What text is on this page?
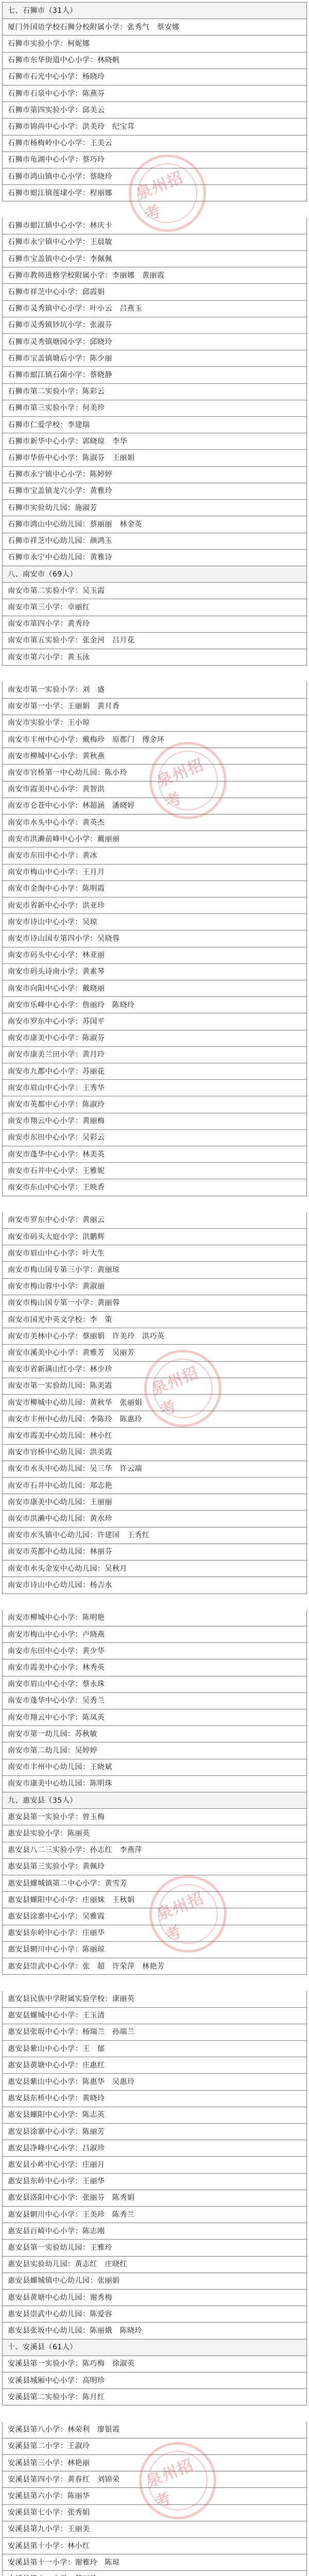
七、石狮市（31人）
厦门外国语学校石狮分校附属小学：张秀气　蔡安娜
石狮市实验小学：柯妮娜
石狮市东华街道中心小学：林晓帆
石狮市石光中心小学：杨晓玲
石狮市石泉中心小学：陈燕芬
石狮市第四实验小学：邱美云
石狮市锦尚中心小学：洪美玲　纪宝茸
石狮市杨梅岭中心小学：王美云
石狮市龟湖中心小学：蔡巧玲
石狮市鸿山镇中心小学：蔡晓玲
石狮市蚶江镇莲埭小学：程丽娜
石狮市蚶江镇中心小学：林庆卡
石狮市永宁镇中心小学：王晨敏
石狮市宝盖镇中心小学：李佩佩
石狮市教师进修学校附属小学：李丽娜　黄丽霞
石狮市祥芝中心小学：邱霞娟
石狮市灵秀镇中心小学：叶小云　吕燕玉
石狮市灵秀镇钞坑小学：张淑芬
石狮市灵秀镇塘园小学：邱晓玲
石狮市宝盖镇塘后小学：陈少丽
石狮市蚶江镇石菌小学：蔡晓静
石狮市第二实验小学：陈彩云
石狮市第三实验小学：何美珍
石狮市仁爱学校：李建瑞
石狮市新华中心小学：郭晓琼　李华
石狮市华侨中心小学：陈淑芬　王丽娟
石狮市永宁镇中心小学：陈婷婷
石狮市宝盖镇龙穴小学：黄雅玲
石狮市实验幼儿园：施淑芳
石狮市鸿山中心幼儿园：蔡丽丽　林金英
石狮市祥芝中心幼儿园：颜鸿玉
石狮市永宁中心幼儿园：黄雅诗
八、南安市（69人）
南安市第二实验小学：吴玉霞
南安市第三小学：卓丽红
南安市第四小学：黄秀玲
南安市第五实验小学：张金河　吕月花
南安市第六小学：黄玉泳
南安市第一实验小学：刘　盛
南安市第一小学：王丽娟　黄月香
南安市实验小学：王小琼
南安市丰州中心小学：戴梅珍　原都门　傅金环
南安市柳城中心小学：黄秋燕
南安市官桥第一中心幼儿园：陈小玲
南安市霞美中心小学：黄智洪
南安市仑苍中心小学：林超涵　潘晓婷
南安市水头中心小学：黄英杰
南安市洪濑前峰中心小学：戴丽丽
南安市东田中心小学：黄冰
南安市梅山中心小学：王月月
南安市金淘中心小学：陈明霞
南安市省新中心小学：洪亚珍
南安市诗山中心小学：吴琼
南安市诗山国专第四小学：吴晓蓉
南安市码头中心小学：林亚丽
南安市码头诗南小学：黄素琴
南安市向阳中心小学：戴晓丽
南安市乐峰中心小学：詹丽玲　陈晓玲
南安市罗东中心小学：苏国平
南安市康美中心小学：陈淑芬
南安市康美兰田小学：黄月玲
南安市九都中心小学：苏丽花
南安市眉山中心小学：王秀华
南安市英都中心小学：陈淑玲
南安市翔云中心小学：黄丽梅
南安市东田中心小学：吴彩云
南安市蓬华中心小学：林美英
南安市石井中心小学：王雅妮
南安市东山中心小学：王映香
南安市罗东中心小学：黄丽云
南安市码头大庭小学：洪鹏辉
南安市眉山中心小学：叶大生
南安市梅山国专第三小学：黄丽琼
南安市梅山蓉中小学：黄淑丽
南安市梅山国专第一小学：黄丽蓉
南安市国光中英文学校：李　策
南安市美林中心小学：蔡丽娟　许美玲　洪巧英
南安市溪美中心小学：黄雅芳　吴丽芳
南安市省新满山红小学：林少珍
南安市第一实验幼儿园：陈美霞
南安市柳城中心幼儿园：黄秋华　张丽娟
南安市丰州中心幼儿园：李陈玲　陈惠玲
南安市霞美中心幼儿园：林小红
南安市官桥中心幼儿园：洪美霞
南安市水头中心幼儿园：吴三华　许云端
南安市石井中心幼儿园：郑志艳
南安市康美中心幼儿园：王丽丽
南安市洪濑中心幼儿园：黄水珍
南安市水头镇中心幼儿园：许建国　王秀红
南安市英都中心幼儿园：林丽芬
南安市水头金安中心幼儿园：吴秋月
南安市诗山中心幼儿园：杨吉水
南安市柳城中心小学：陈明艳
南安市梅山中心小学：卢晓燕
南安市东田中心小学：黄少华
南安市霞美中心小学：林秀英
南安市眉山中心小学：蔡永珠
南安市蓬华中心小学：吴秀兰
南安市翔云中心小学：陈凤英
南安市第一幼儿园：苏秋敏
南安市第二幼儿园：吴婷婷
南安市丰州中心幼儿园：王晓斌
南安市康美中心幼儿园：陈明珠
九、惠安县（35人）
惠安县第一实验小学：曾玉梅
惠安县实验小学：陈丽英
惠安县八二三实验小学：孙志红　李燕萍
惠安县第三实验小学：黄佩玲
惠安县螺城镇第二中心小学：黄雪芳
惠安县螺阳中心小学：庄丽妹　王秋娟
惠安县涂寨中心小学：吴雅霞
惠安县东岭中心小学：庄丽华
惠安县辋川中心小学：陈丽琼
惠安县崇武中心小学：张　超　许荣萍　林艳芳
惠安县民族中学附属实验学校：康丽英
惠安县螺城中心小学：王玉清
惠安县张坂中心小学：杨瑞兰　孙端兰
惠安县紫山中心小学：王　郁
惠安县黄塘中心小学：庄惠红
惠安县紫山中心小学：陈惠华　吴惠玲
惠安县东桥中心小学：黄晓玲
惠安县螺阳中心小学：陈志英
惠安县涂寨中心小学：陈丽芳
惠安县净峰中心小学：吕淑珍
惠安县小岞中心小学：庄丽月
惠安县东岭中心小学：王丽华
惠安县洛阳中心小学：张丽芬　陈秀娟
惠安县辋川中心小学：王美珍　陈秀兰
惠安县百崎中心小学：陈志刚
惠安县第一实验幼儿园：王雅玲
惠安县实验幼儿园：黄志红　庄晓红
惠安县螺城镇中心幼儿园：张丽娟
惠安县黄塘中心幼儿园：谢秀梅
惠安县崇武中心幼儿园：陈爱容
惠安县张坂中心幼儿园：陈丽娥　陈晓玲
十、安溪县（61人）
安溪县第一实验小学：陈巧梅　徐淑英
安溪县城厢中心小学：高明珍
安溪县第二实验小学：陈月红
安溪县第八小学：林荣利　廖银霞
安溪县第二小学：王淑玲
安溪县第三小学：林艳丽
安溪县第四小学：黄春红　刘锦荣
安溪县第六小学：陈丽华
安溪县第七小学：张秀娟
安溪县第九小学：王丽美
安溪县第十小学：林小红
安溪县第十一小学：谢雅玲　陈琼
泉州招考
泉州招考
泉州招考
泉州招考
泉州招考
